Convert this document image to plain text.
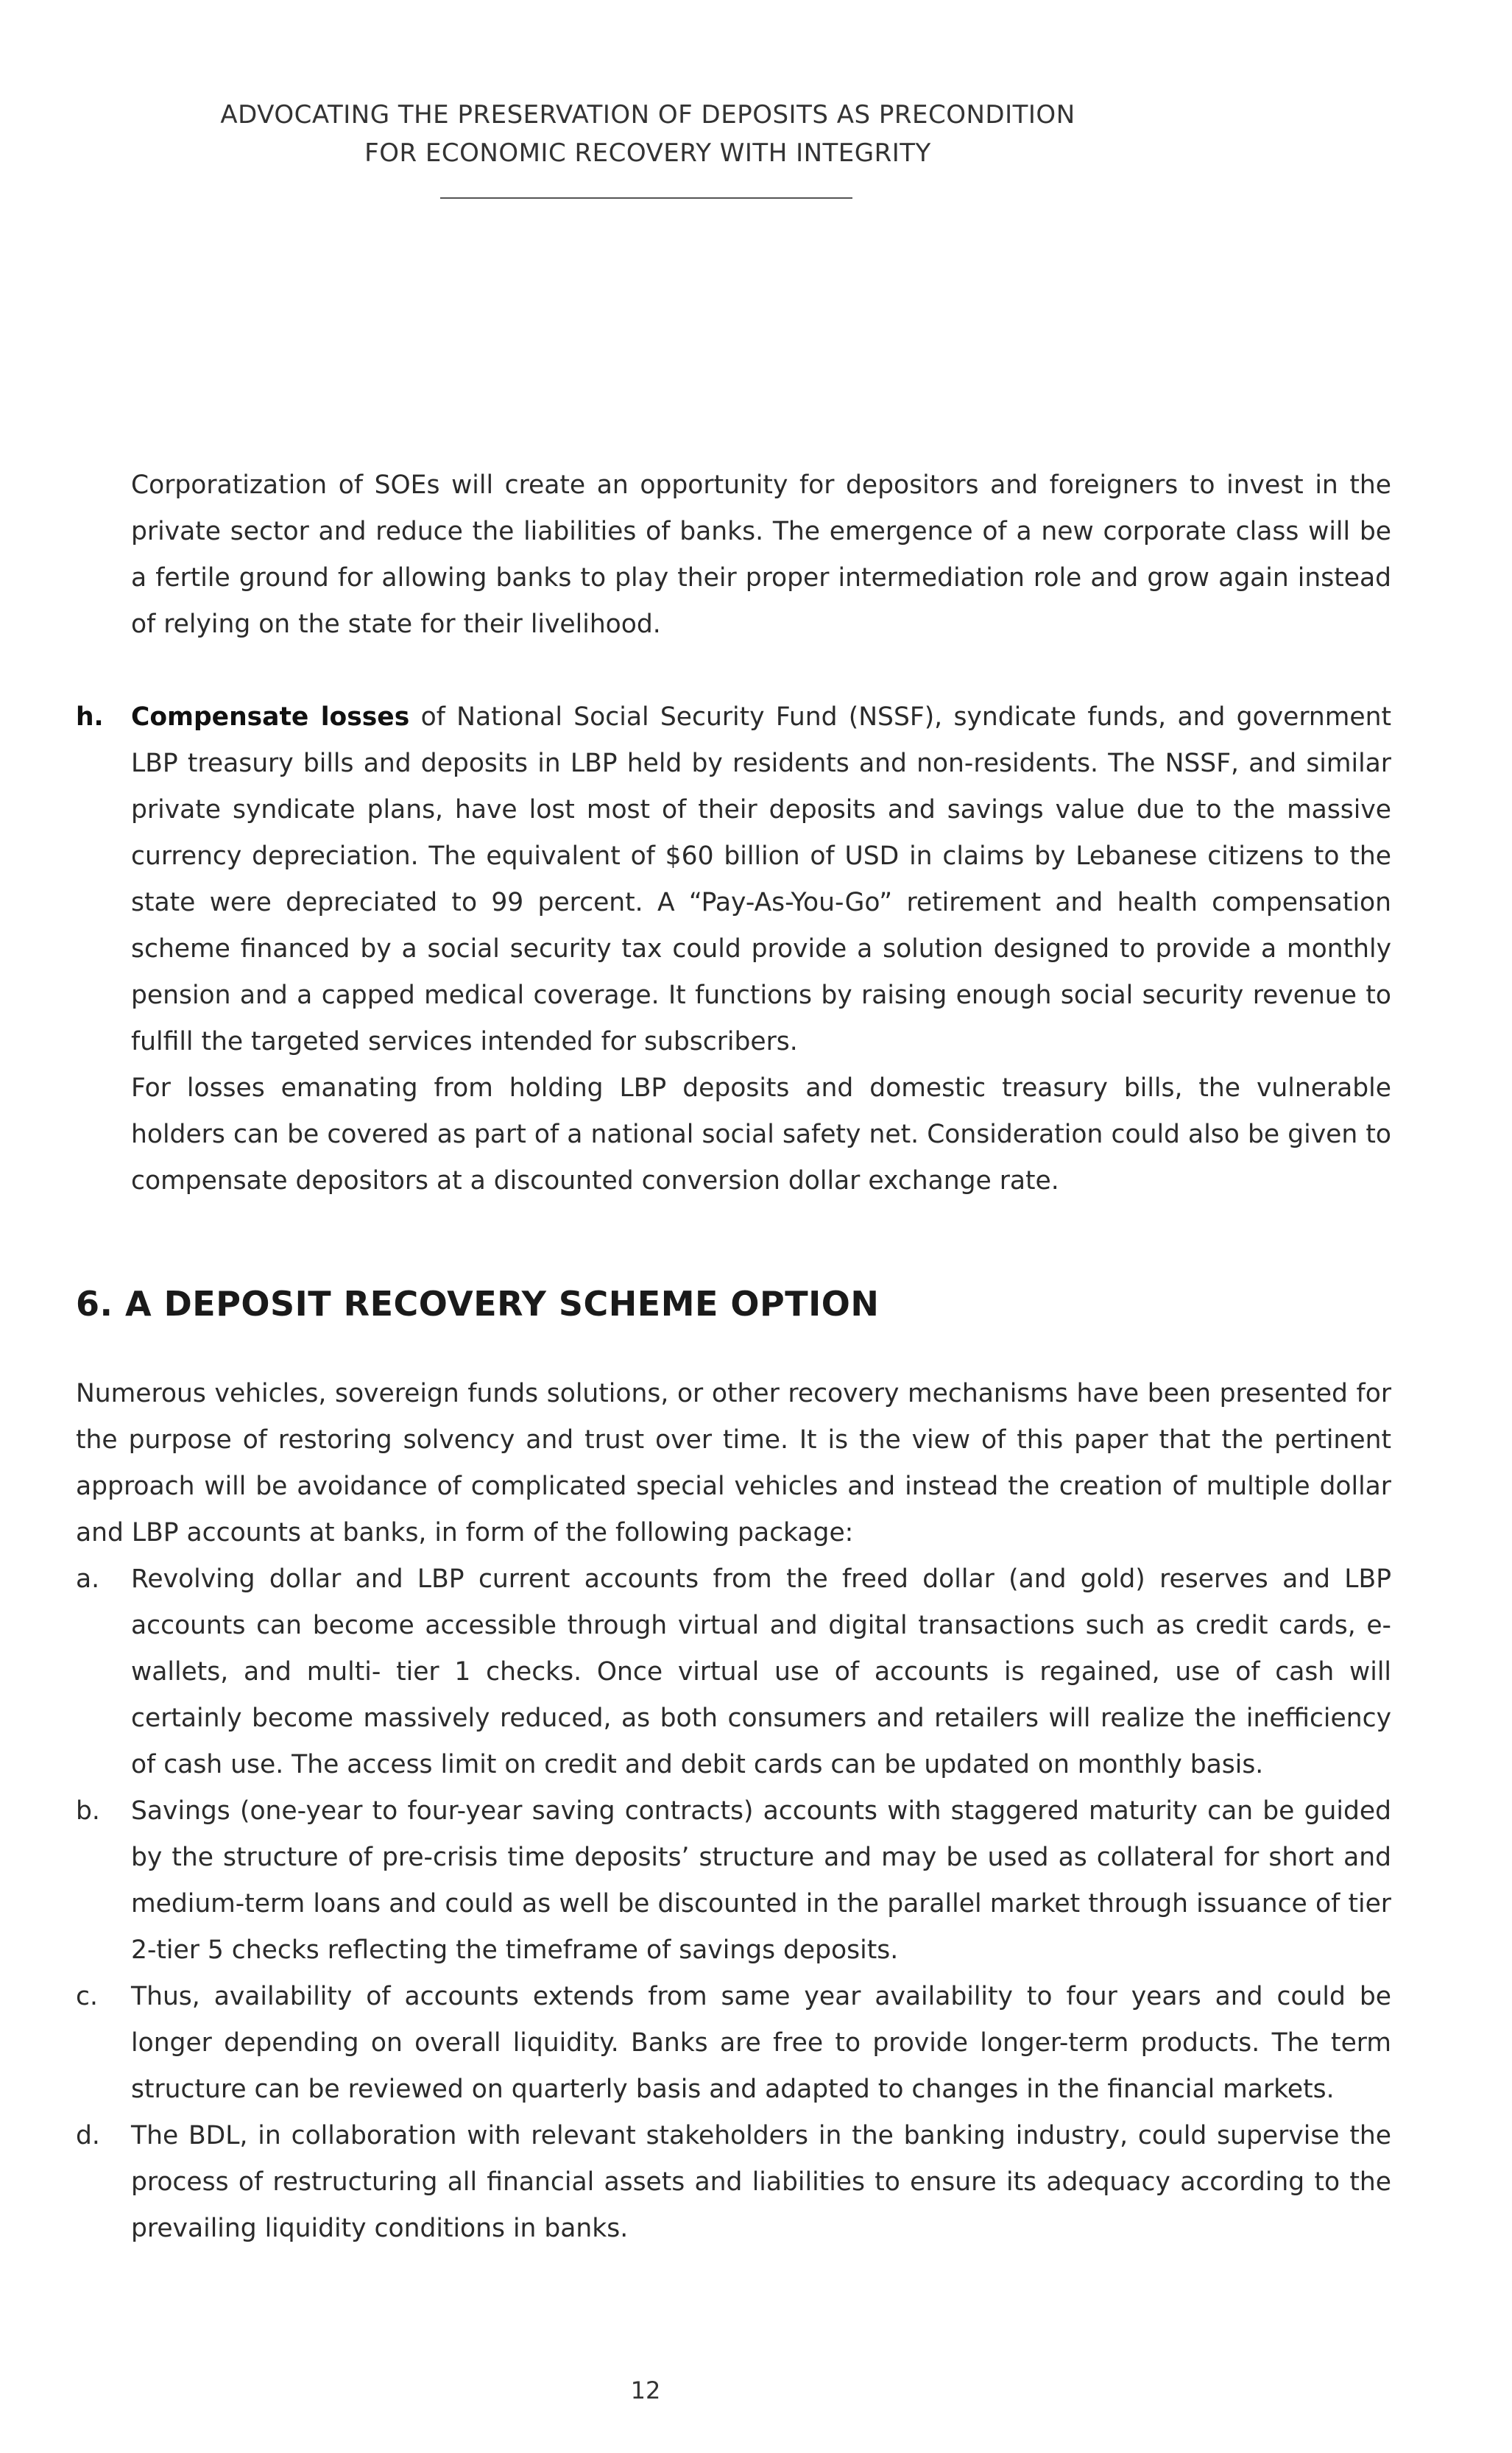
ADVOCATING THE PRESERVATION OF DEPOSITS AS PRECONDITION
FOR ECONOMIC RECOVERY WITH INTEGRITY

Corporatization of SOEs will create an opportunity for depositors and foreigners to invest in the private sector and reduce the liabilities of banks. The emergence of a new corporate class will be a fertile ground for allowing banks to play their proper intermediation role and grow again instead of relying on the state for their livelihood.

h. Compensate losses of National Social Security Fund (NSSF), syndicate funds, and government LBP treasury bills and deposits in LBP held by residents and non-residents. The NSSF, and similar private syndicate plans, have lost most of their deposits and savings value due to the massive currency depreciation. The equivalent of $60 billion of USD in claims by Lebanese citizens to the state were depreciated to 99 percent. A “Pay-As-You-Go” retirement and health compensation scheme financed by a social security tax could provide a solution designed to provide a monthly pension and a capped medical coverage. It functions by raising enough social security revenue to fulfill the targeted services intended for subscribers.

For losses emanating from holding LBP deposits and domestic treasury bills, the vulnerable holders can be covered as part of a national social safety net. Consideration could also be given to compensate depositors at a discounted conversion dollar exchange rate.

6. A DEPOSIT RECOVERY SCHEME OPTION

Numerous vehicles, sovereign funds solutions, or other recovery mechanisms have been presented for the purpose of restoring solvency and trust over time. It is the view of this paper that the pertinent approach will be avoidance of complicated special vehicles and instead the creation of multiple dollar and LBP accounts at banks, in form of the following package:

a. Revolving dollar and LBP current accounts from the freed dollar (and gold) reserves and LBP accounts can become accessible through virtual and digital transactions such as credit cards, e- wallets, and multi- tier 1 checks. Once virtual use of accounts is regained, use of cash will certainly become massively reduced, as both consumers and retailers will realize the inefficiency of cash use. The access limit on credit and debit cards can be updated on monthly basis.
b. Savings (one-year to four-year saving contracts) accounts with staggered maturity can be guided by the structure of pre-crisis time deposits’ structure and may be used as collateral for short and medium-term loans and could as well be discounted in the parallel market through issuance of tier 2-tier 5 checks reflecting the timeframe of savings deposits.
c. Thus, availability of accounts extends from same year availability to four years and could be longer depending on overall liquidity. Banks are free to provide longer-term products. The term structure can be reviewed on quarterly basis and adapted to changes in the financial markets.
d. The BDL, in collaboration with relevant stakeholders in the banking industry, could supervise the process of restructuring all financial assets and liabilities to ensure its adequacy according to the prevailing liquidity conditions in banks.
12
